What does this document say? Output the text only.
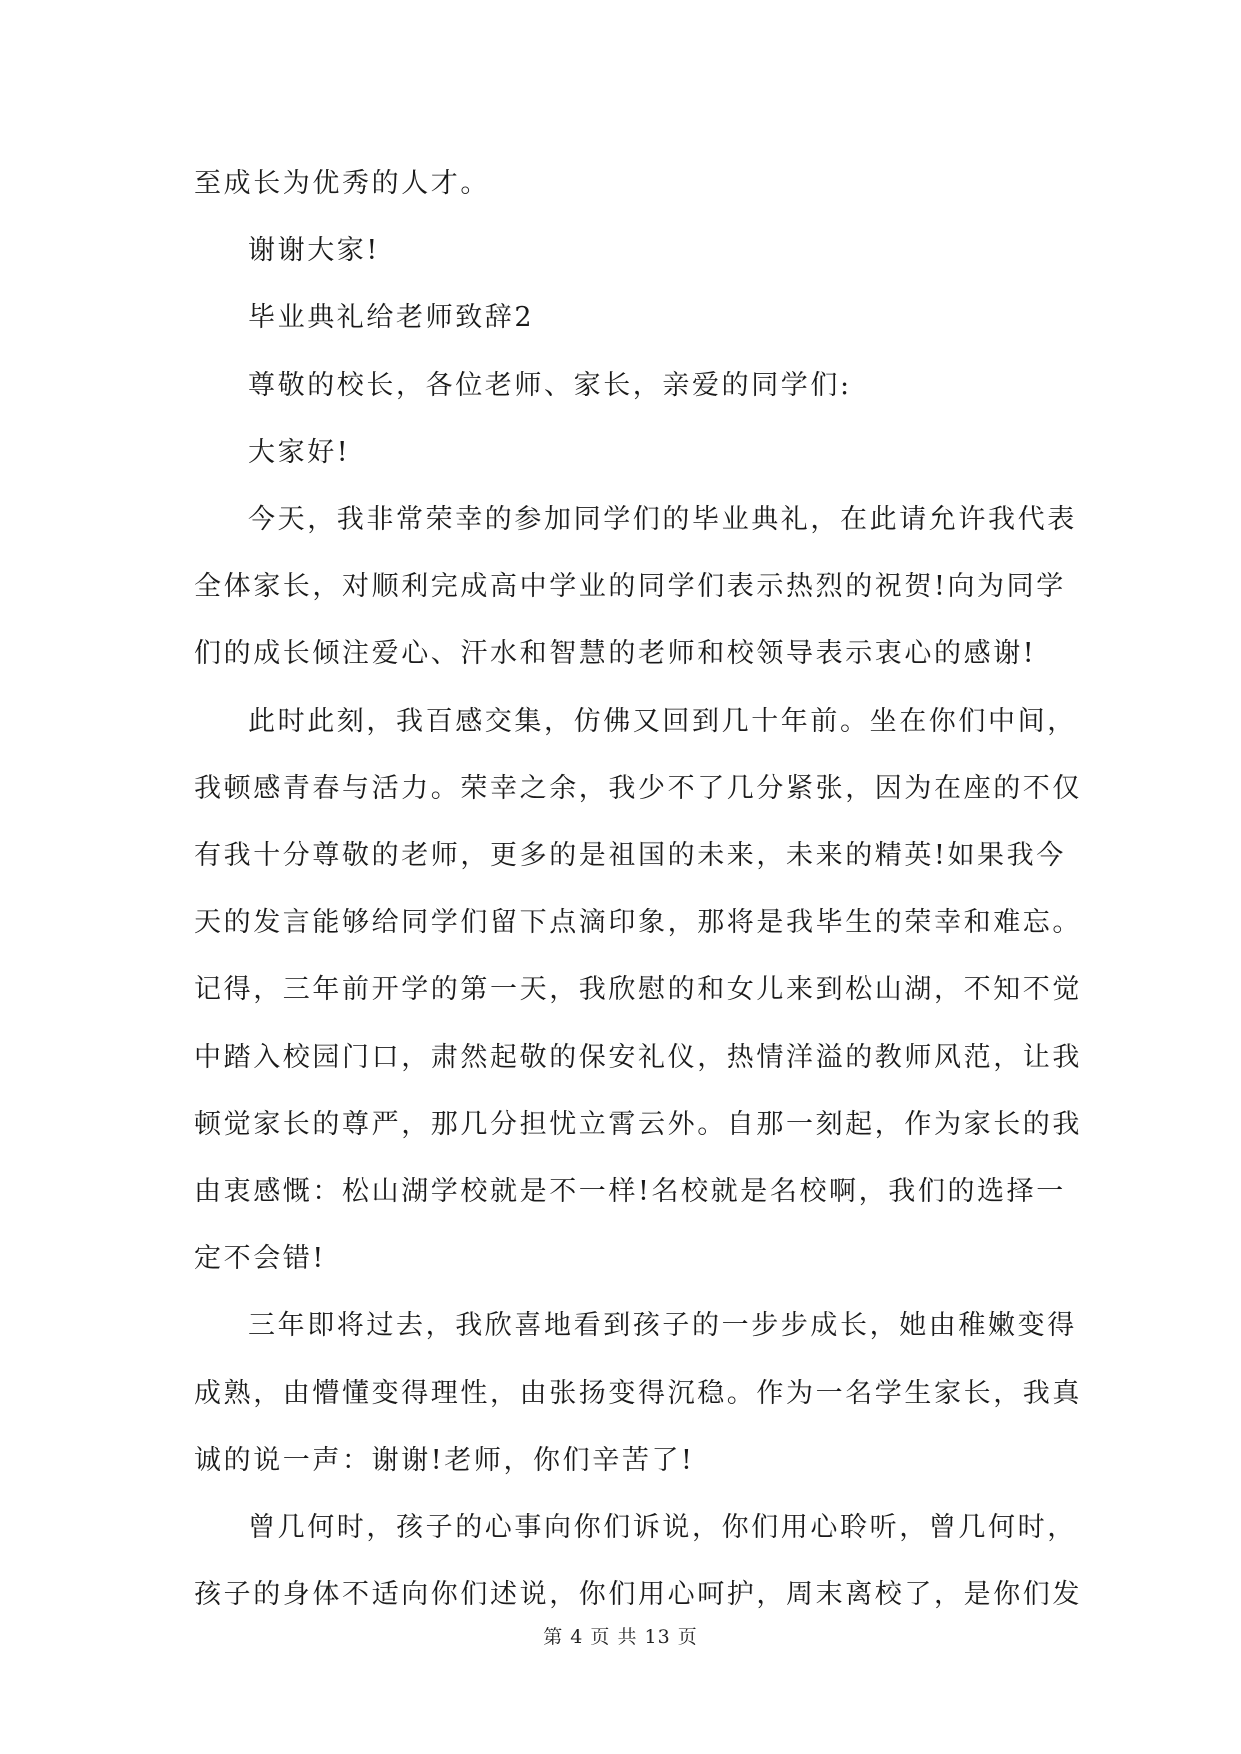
至成长为优秀的人才。
谢谢大家!
毕业典礼给老师致辞2
尊敬的校长，各位老师、家长，亲爱的同学们:
大家好!
今天，我非常荣幸的参加同学们的毕业典礼，在此请允许我代表
全体家长，对顺利完成高中学业的同学们表示热烈的祝贺!向为同学
们的成长倾注爱心、汗水和智慧的老师和校领导表示衷心的感谢!
此时此刻，我百感交集，仿佛又回到几十年前。坐在你们中间，
我顿感青春与活力。荣幸之余，我少不了几分紧张，因为在座的不仅
有我十分尊敬的老师，更多的是祖国的未来，未来的精英!如果我今
天的发言能够给同学们留下点滴印象，那将是我毕生的荣幸和难忘。
记得，三年前开学的第一天，我欣慰的和女儿来到松山湖，不知不觉
中踏入校园门口，肃然起敬的保安礼仪，热情洋溢的教师风范，让我
顿觉家长的尊严，那几分担忧立霄云外。自那一刻起，作为家长的我
由衷感慨：松山湖学校就是不一样!名校就是名校啊，我们的选择一
定不会错!
三年即将过去，我欣喜地看到孩子的一步步成长，她由稚嫩变得
成熟，由懵懂变得理性，由张扬变得沉稳。作为一名学生家长，我真
诚的说一声：谢谢!老师，你们辛苦了!
曾几何时，孩子的心事向你们诉说，你们用心聆听，曾几何时，
孩子的身体不适向你们述说，你们用心呵护，周末离校了，是你们发
第 4 页 共 13 页
